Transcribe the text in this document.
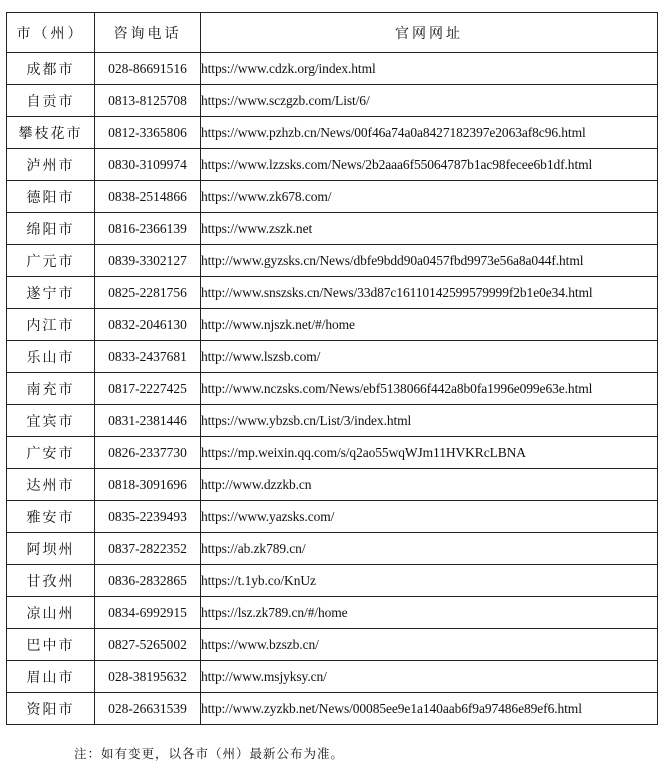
市（州）	咨询电话	官网网址
成都市	028-86691516	https://www.cdzk.org/index.html
自贡市	0813-8125708	https://www.sczgzb.com/List/6/
攀枝花市	0812-3365806	https://www.pzhzb.cn/News/00f46a74a0a8427182397e2063af8c96.html
泸州市	0830-3109974	https://www.lzzsks.com/News/2b2aaa6f55064787b1ac98fecee6b1df.html
德阳市	0838-2514866	https://www.zk678.com/
绵阳市	0816-2366139	https://www.zszk.net
广元市	0839-3302127	http://www.gyzsks.cn/News/dbfe9bdd90a0457fbd9973e56a8a044f.html
遂宁市	0825-2281756	http://www.snszsks.cn/News/33d87c16110142599579999f2b1e0e34.html
内江市	0832-2046130	http://www.njszk.net/#/home
乐山市	0833-2437681	http://www.lszsb.com/
南充市	0817-2227425	http://www.nczsks.com/News/ebf5138066f442a8b0fa1996e099e63e.html
宜宾市	0831-2381446	https://www.ybzsb.cn/List/3/index.html
广安市	0826-2337730	https://mp.weixin.qq.com/s/q2ao55wqWJm11HVKRcLBNA
达州市	0818-3091696	http://www.dzzkb.cn
雅安市	0835-2239493	https://www.yazsks.com/
阿坝州	0837-2822352	https://ab.zk789.cn/
甘孜州	0836-2832865	https://t.1yb.co/KnUz
凉山州	0834-6992915	https://lsz.zk789.cn/#/home
巴中市	0827-5265002	https://www.bzszb.cn/
眉山市	028-38195632	http://www.msjyksy.cn/
资阳市	028-26631539	http://www.zyzkb.net/News/00085ee9e1a140aab6f9a97486e89ef6.html
注：如有变更，以各市（州）最新公布为准。
